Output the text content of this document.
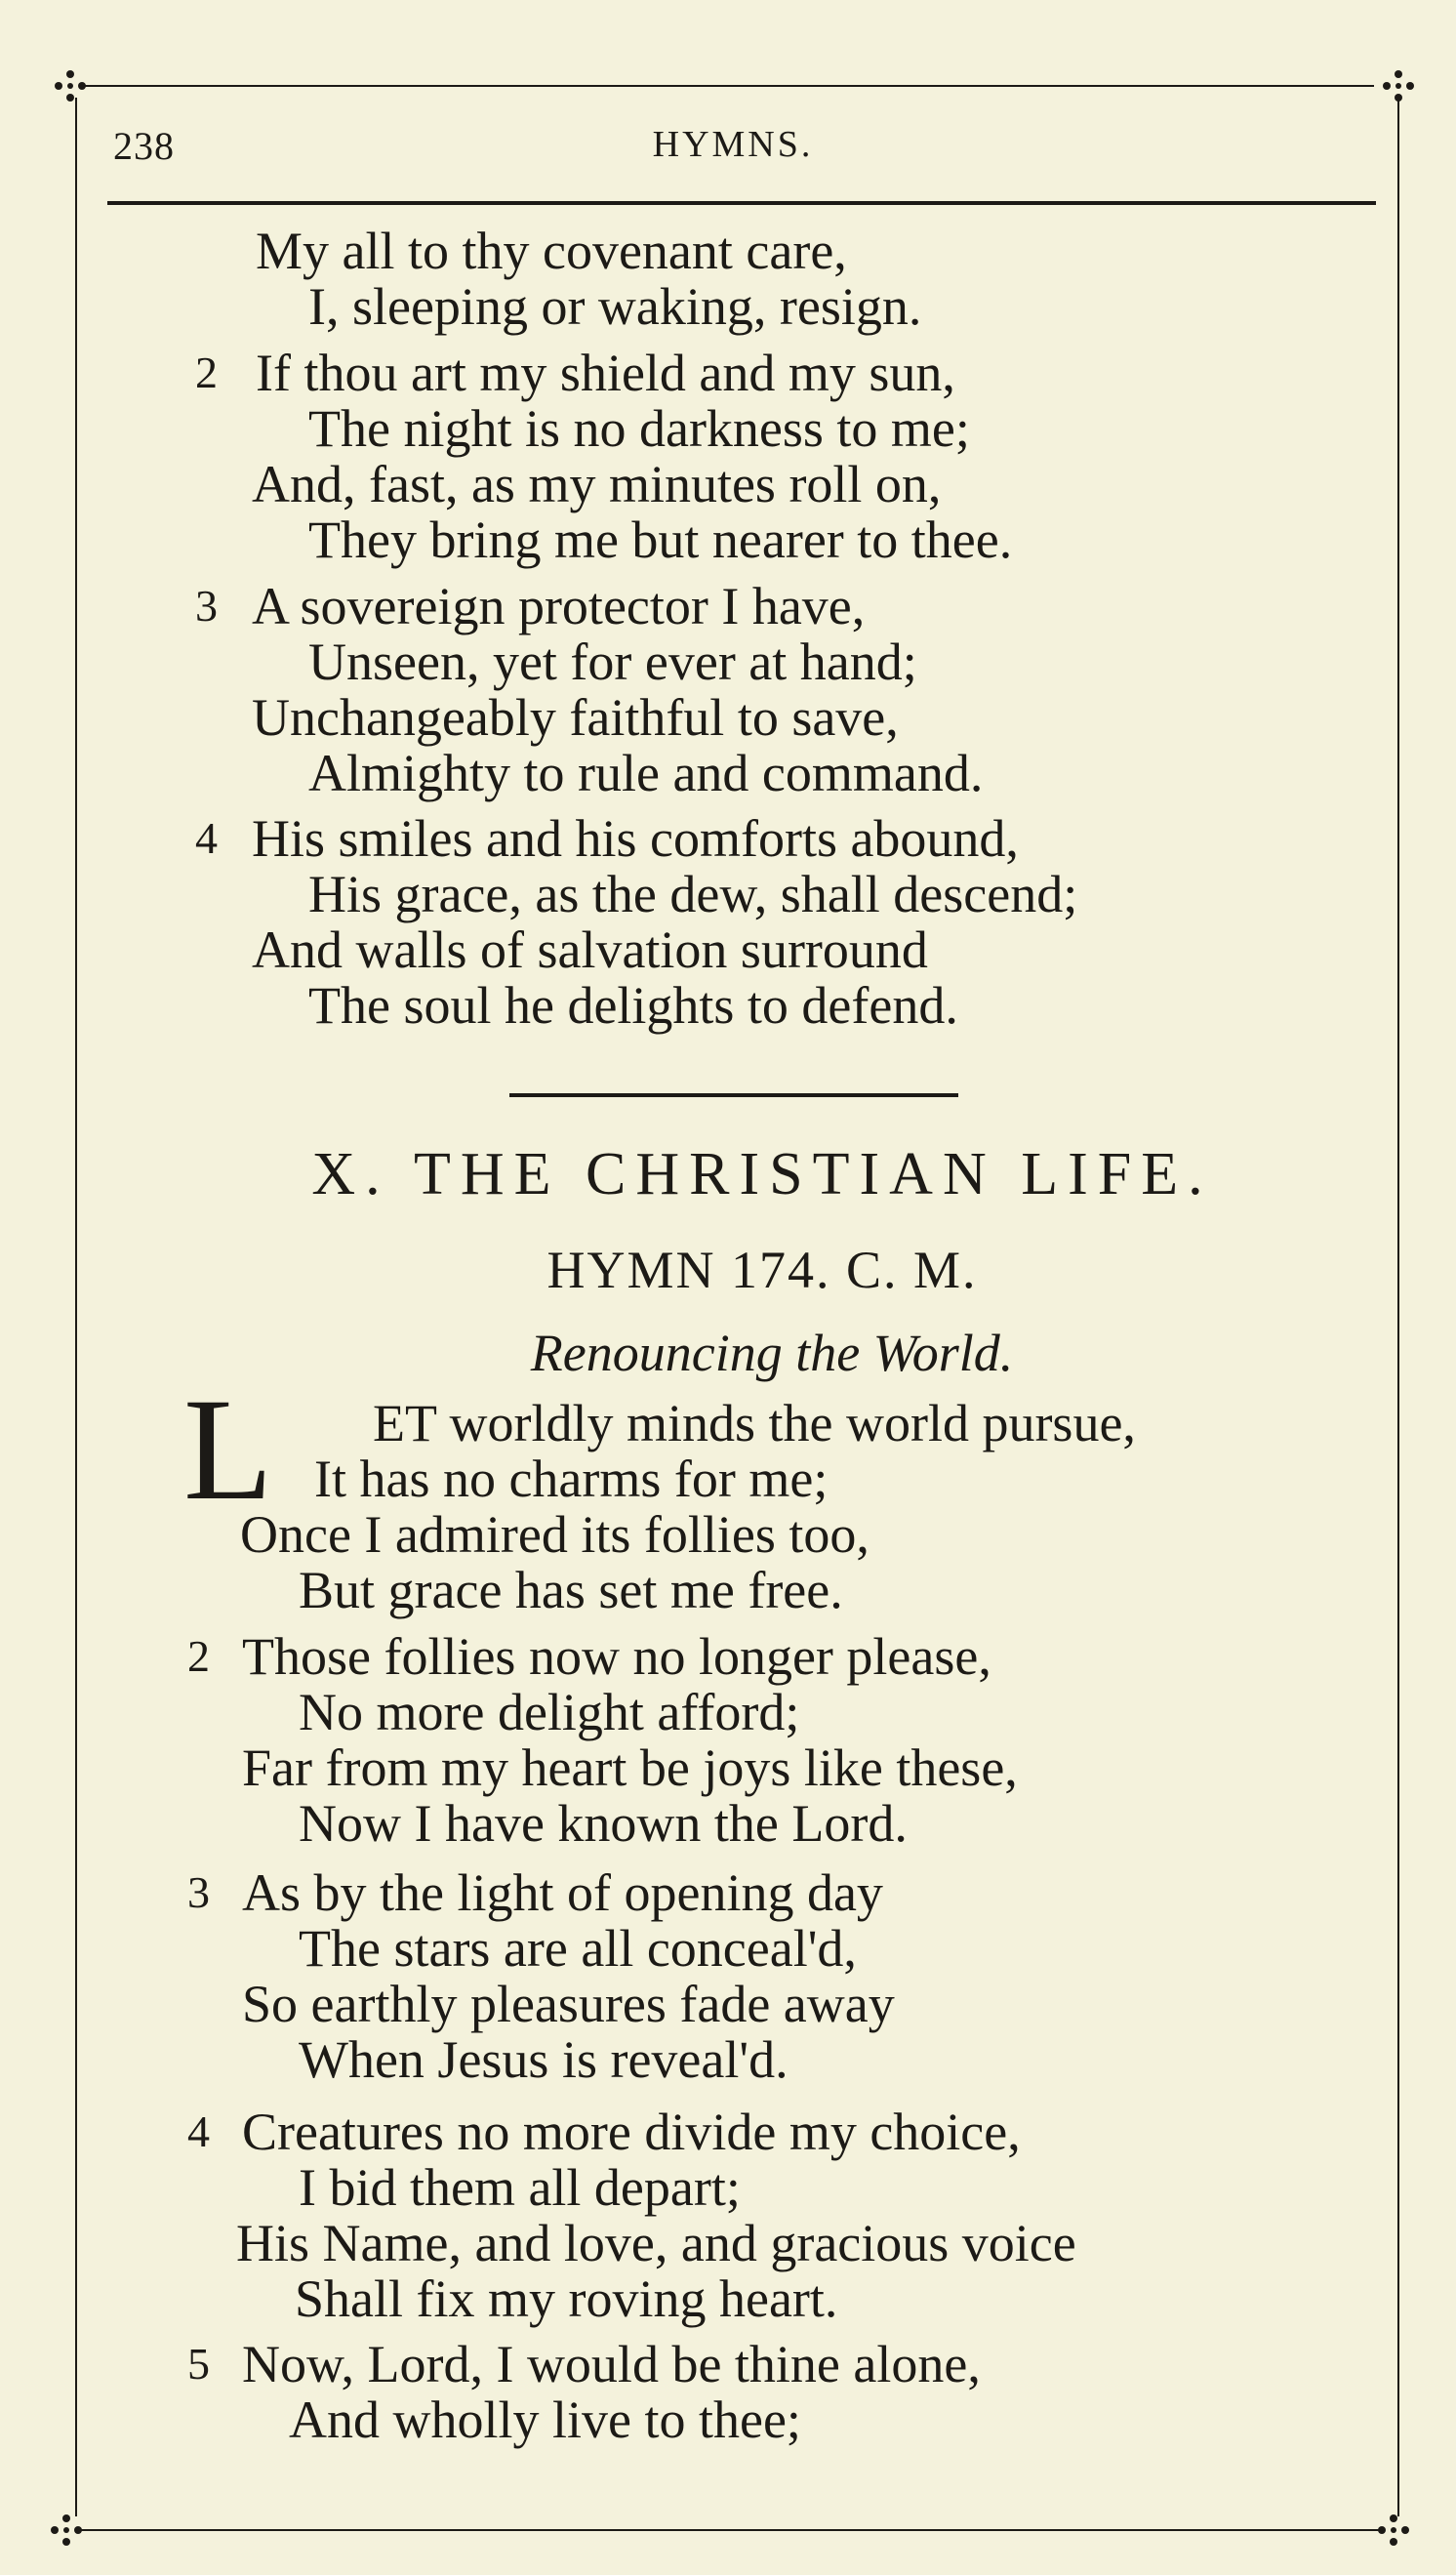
238	HYMNS.
My all to thy covenant care,
I, sleeping or waking, resign.
2 If thou art my shield and my sun,
The night is no darkness to me;
And, fast, as my minutes roll on,
They bring me but nearer to thee.
3 A sovereign protector I have,
Unseen, yet for ever at hand;
Unchangeably faithful to save,
Almighty to rule and command.
4 His smiles and his comforts abound,
His grace, as the dew, shall descend;
And walls of salvation surround
The soul he delights to defend.
X. THE CHRISTIAN LIFE.
HYMN 174. C. M.
Renouncing the World.
L ET worldly minds the world pursue,
It has no charms for me;
Once I admired its follies too,
But grace has set me free.
2 Those follies now no longer please,
No more delight afford;
Far from my heart be joys like these,
Now I have known the Lord.
3 As by the light of opening day
The stars are all conceal'd,
So earthly pleasures fade away
When Jesus is reveal'd.
4 Creatures no more divide my choice,
I bid them all depart;
His Name, and love, and gracious voice
Shall fix my roving heart.
5 Now, Lord, I would be thine alone,
And wholly live to thee;
